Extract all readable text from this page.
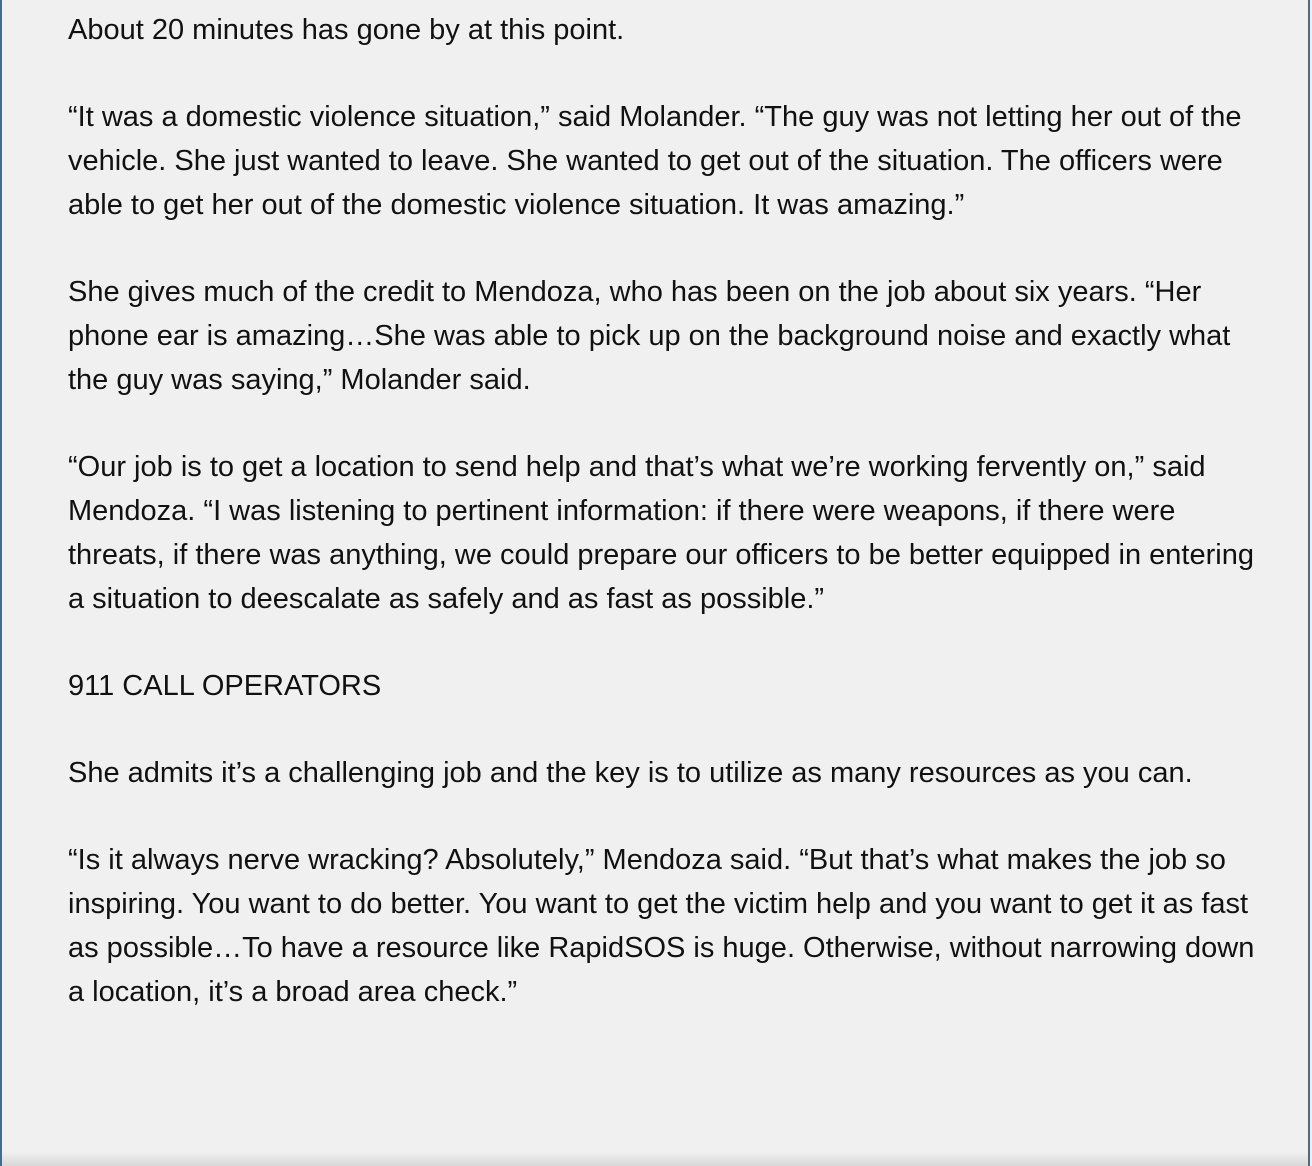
About 20 minutes has gone by at this point.

“It was a domestic violence situation,” said Molander. “The guy was not letting her out of the vehicle. She just wanted to leave. She wanted to get out of the situation. The officers were able to get her out of the domestic violence situation. It was amazing.”

She gives much of the credit to Mendoza, who has been on the job about six years. “Her phone ear is amazing…She was able to pick up on the background noise and exactly what the guy was saying,” Molander said.

“Our job is to get a location to send help and that’s what we’re working fervently on,” said Mendoza. “I was listening to pertinent information: if there were weapons, if there were threats, if there was anything, we could prepare our officers to be better equipped in entering a situation to deescalate as safely and as fast as possible.”

911 CALL OPERATORS

She admits it’s a challenging job and the key is to utilize as many resources as you can.

“Is it always nerve wracking? Absolutely,” Mendoza said. “But that’s what makes the job so inspiring. You want to do better. You want to get the victim help and you want to get it as fast as possible…To have a resource like RapidSOS is huge. Otherwise, without narrowing down a location, it’s a broad area check.”
